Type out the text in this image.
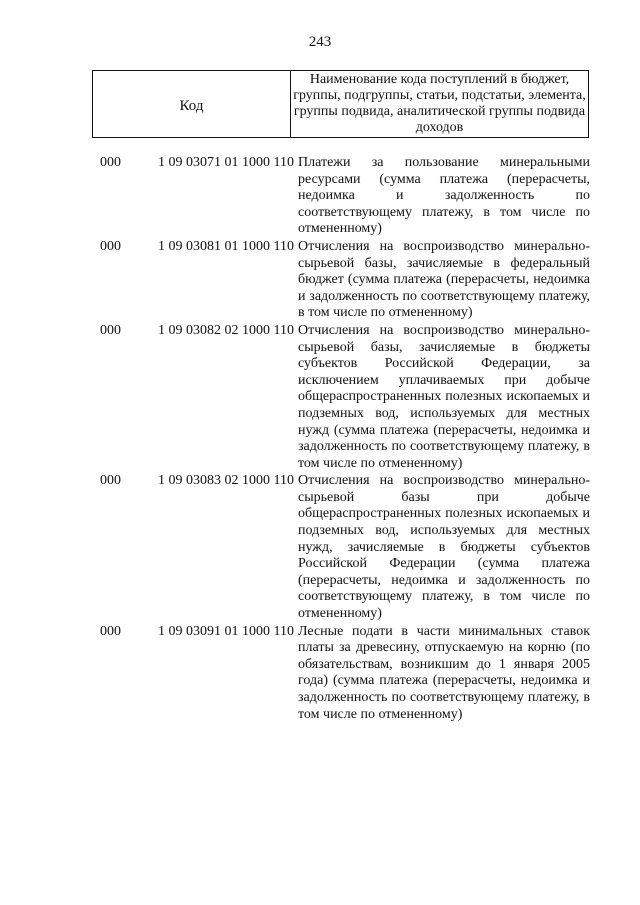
243
Код
Наименование кода поступлений в бюджет, группы, подгруппы, статьи, подстатьи, элемента, группы подвида, аналитической группы подвида доходов
000	1 09 03071 01 1000 110 Платежи за пользование минеральными ресурсами (сумма платежа (перерасчеты, недоимка и задолженность по соответствующему платежу, в том числе по отмененному)
000	1 09 03081 01 1000 110 Отчисления на воспроизводство минерально-сырьевой базы, зачисляемые в федеральный бюджет (сумма платежа (перерасчеты, недоимка и задолженность по соответствующему платежу, в том числе по отмененному)
000	1 09 03082 02 1000 110 Отчисления на воспроизводство минерально-сырьевой базы, зачисляемые в бюджеты субъектов Российской Федерации, за исключением уплачиваемых при добыче общераспространенных полезных ископаемых и подземных вод, используемых для местных нужд (сумма платежа (перерасчеты, недоимка и задолженность по соответствующему платежу, в том числе по отмененному)
000	1 09 03083 02 1000 110 Отчисления на воспроизводство минерально-сырьевой базы при добыче общераспространенных полезных ископаемых и подземных вод, используемых для местных нужд, зачисляемые в бюджеты субъектов Российской Федерации (сумма платежа (перерасчеты, недоимка и задолженность по соответствующему платежу, в том числе по отмененному)
000	1 09 03091 01 1000 110 Лесные подати в части минимальных ставок платы за древесину, отпускаемую на корню (по обязательствам, возникшим до 1 января 2005 года) (сумма платежа (перерасчеты, недоимка и задолженность по соответствующему платежу, в том числе по отмененному)
